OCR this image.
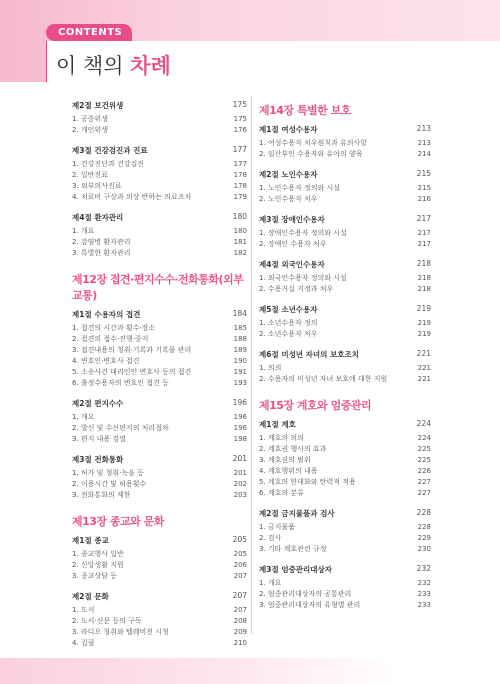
CONTENTS
이 책의 차례
제2절 보건위생	175
1. 공중위생	175
2. 개인위생	176
제3절 건강검진과 진료	177
1. 건강진단과 건강검진	177
2. 일반진료	178
3. 외부의사진료	178
4. 치료비 구상과 의상 반하는 의료조치	179
제4절 환자관리	180
1. 개요	180
2. 감염병 환자관리	181
3. 특별한 환자관리	182
제12장 접견·편지수수·전화통화(외부교통)
제1절 수용자의 접견	184
1. 접견의 시간과 횟수·장소	185
2. 접견의 접수·진행·중지	188
3. 접견내용의 청취·기록과 기록물 관리	189
4. 변호인·변호사 접견	190
5. 소송사건 대리인인 변호사 등의 접견	191
6. 출정수용자의 변호인 접견 등	193
제2절 편지수수	196
1. 개요	196
2. 발신 및 수신편지의 처리절차	196
3. 편지 내용 검열	198
제3절 전화통화	201
1. 허가 및 청취·녹음 등	201
2. 이용시간 및 허용횟수	202
3. 전화통화의 제한	203
제13장 종교와 문화
제1절 종교	205
1. 종교행사 일반	205
2. 신앙생활 지원	206
3. 종교상담 등	207
제2절 문화	207
1. 도서	207
2. 도서·신문 등의 구독	208
3. 라디오 청취와 텔레비전 시청	209
4. 집필	210
제14장 특별한 보호
제1절 여성수용자	213
1. 여성수용자 처우원칙과 유의사항	213
2. 임산부인 수용자와 유아의 양육	214
제2절 노인수용자	215
1. 노인수용자 정의와 시설	215
2. 노인수용자 처우	216
제3절 장애인수용자	217
1. 장애인수용자 정의와 시설	217
2. 장애인 수용자 처우	217
제4절 외국인수용자	218
1. 외국인수용자 정의와 시설	218
2. 수용거실 지정과 처우	218
제5절 소년수용자	219
1. 소년수용자 정의	219
2. 소년수용자 처우	219
제6절 미성년 자녀의 보호조치	221
1. 의의	221
2. 수용자의 미성년 자녀 보호에 대한 지원	221
제15장 계호와 엄중관리
제1절 계호	224
1. 계호의 의의	224
2. 계호권 행사의 효과	225
3. 계호권의 범위	225
4. 계호행위의 내용	226
5. 계호의 한대화와 탄력적 적용	227
6. 계호의 분류	227
제2절 금지물품과 검사	228
1. 금지물품	228
2. 검사	229
3. 기타 계호관련 규정	230
제3절 엄중관리대상자	232
1. 개요	232
2. 엄중관리대상자의 공통관리	233
3. 엄중관리대상자의 유형별 관리	233
